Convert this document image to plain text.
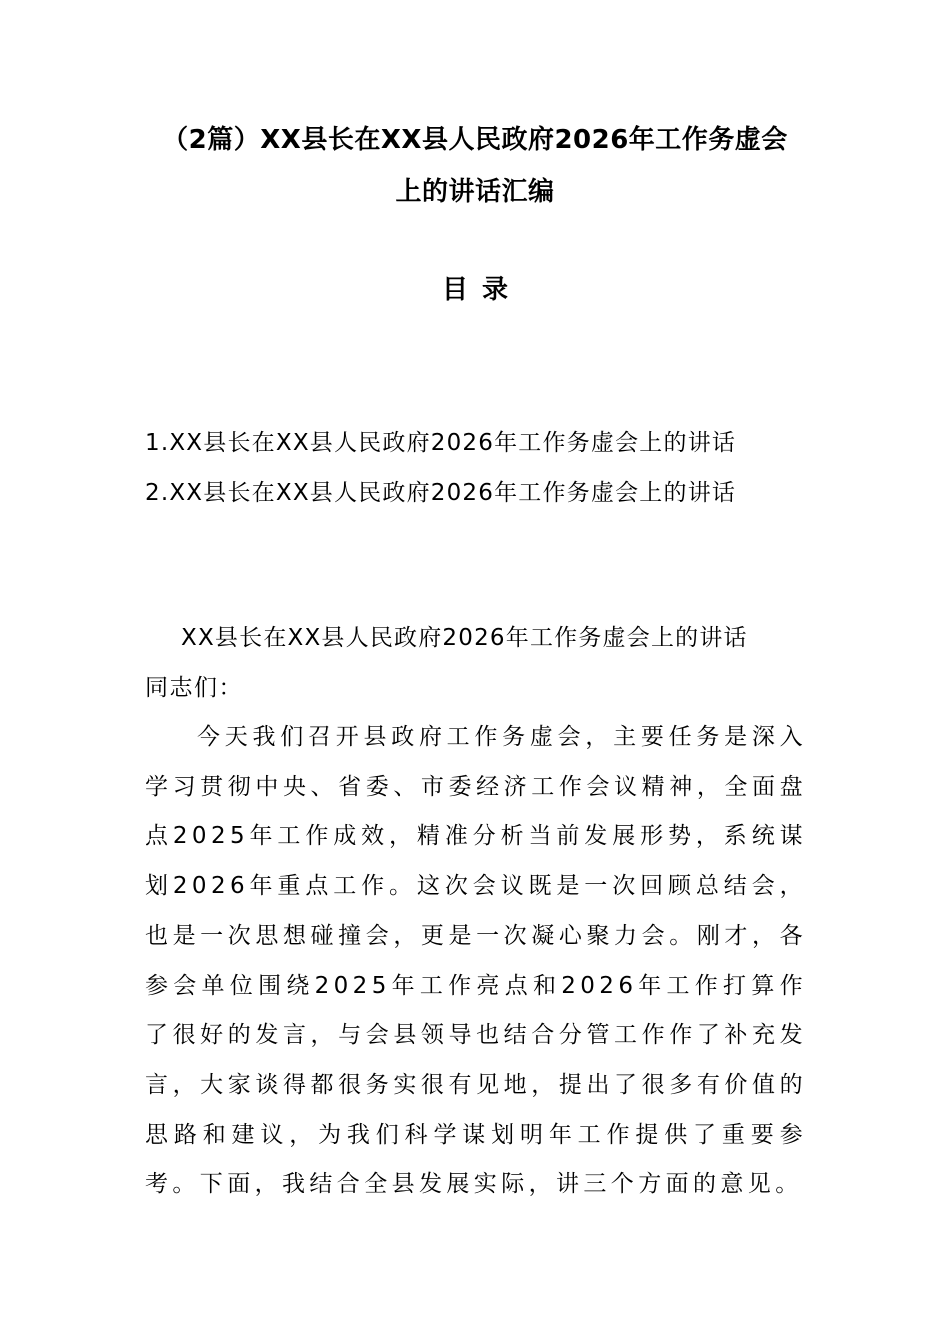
（2篇）XX县长在XX县人民政府2026年工作务虚会
上的讲话汇编
目录
1.XX县长在XX县人民政府2026年工作务虚会上的讲话
2.XX县长在XX县人民政府2026年工作务虚会上的讲话
XX县长在XX县人民政府2026年工作务虚会上的讲话

同志们：

今天我们召开县政府工作务虚会，主要任务是深入学习贯彻中央、省委、市委经济工作会议精神，全面盘点2025年工作成效，精准分析当前发展形势，系统谋划2026年重点工作。这次会议既是一次回顾总结会，也是一次思想碰撞会，更是一次凝心聚力会。刚才，各参会单位围绕2025年工作亮点和2026年工作打算作了很好的发言，与会县领导也结合分管工作作了补充发言，大家谈得都很务实很有见地，提出了很多有价值的思路和建议，为我们科学谋划明年工作提供了重要参考。下面，我结合全县发展实际，讲三个方面的意见。
